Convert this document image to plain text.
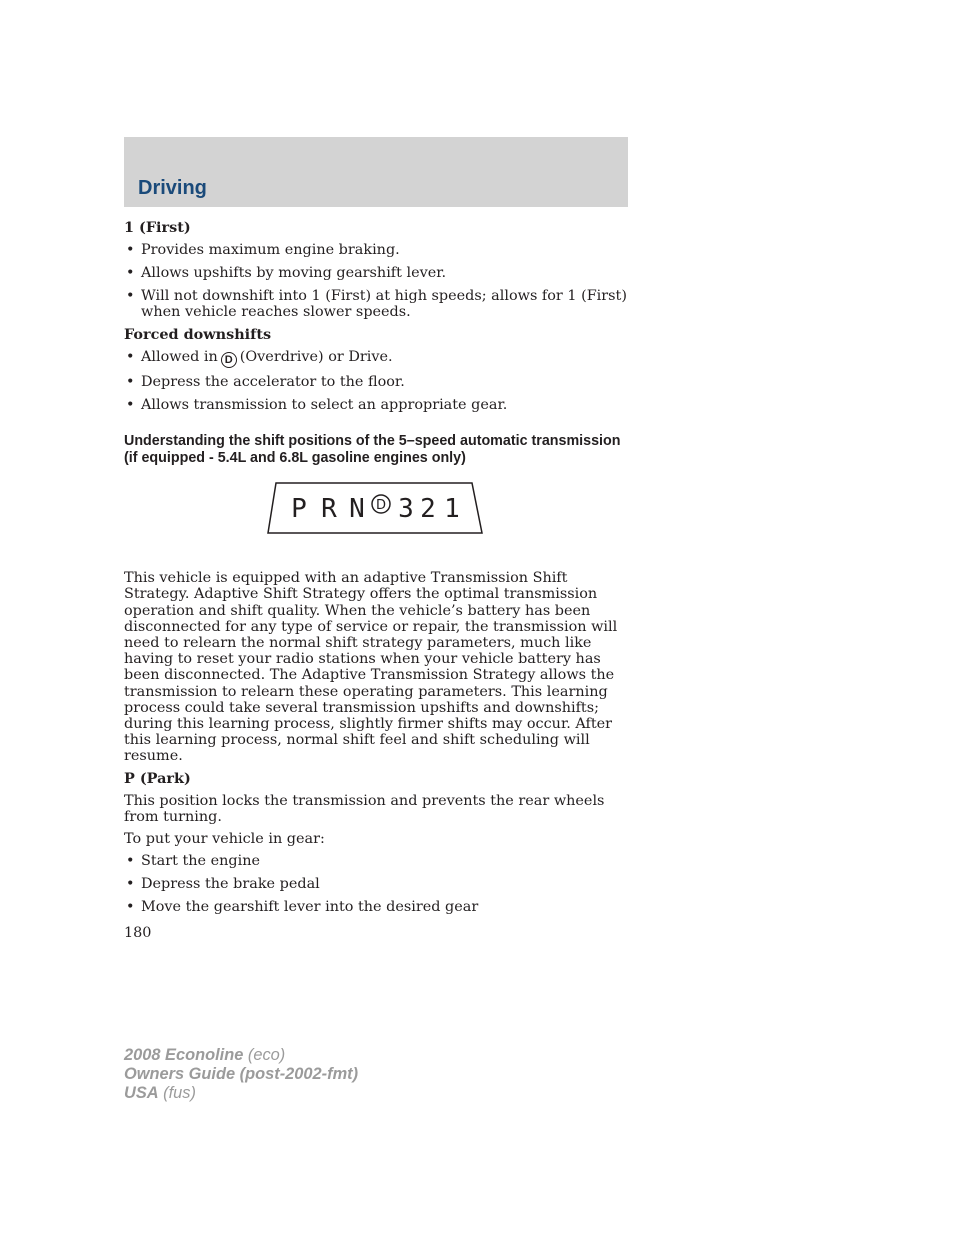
Driving
1 (First)
• Provides maximum engine braking.
• Allows upshifts by moving gearshift lever.
• Will not downshift into 1 (First) at high speeds; allows for 1 (First) when vehicle reaches slower speeds.
Forced downshifts
• Allowed in D (Overdrive) or Drive.
• Depress the accelerator to the floor.
• Allows transmission to select an appropriate gear.
Understanding the shift positions of the 5–speed automatic transmission (if equipped - 5.4L and 6.8L gasoline engines only)
P R N D 3 2 1

This vehicle is equipped with an adaptive Transmission Shift Strategy. Adaptive Shift Strategy offers the optimal transmission operation and shift quality. When the vehicle’s battery has been disconnected for any type of service or repair, the transmission will need to relearn the normal shift strategy parameters, much like having to reset your radio stations when your vehicle battery has been disconnected. The Adaptive Transmission Strategy allows the transmission to relearn these operating parameters. This learning process could take several transmission upshifts and downshifts; during this learning process, slightly firmer shifts may occur. After this learning process, normal shift feel and shift scheduling will resume.

P (Park)

This position locks the transmission and prevents the rear wheels from turning.

To put your vehicle in gear:

• Start the engine
• Depress the brake pedal
• Move the gearshift lever into the desired gear
180
2008 Econoline (eco)
Owners Guide (post-2002-fmt)
USA (fus)
